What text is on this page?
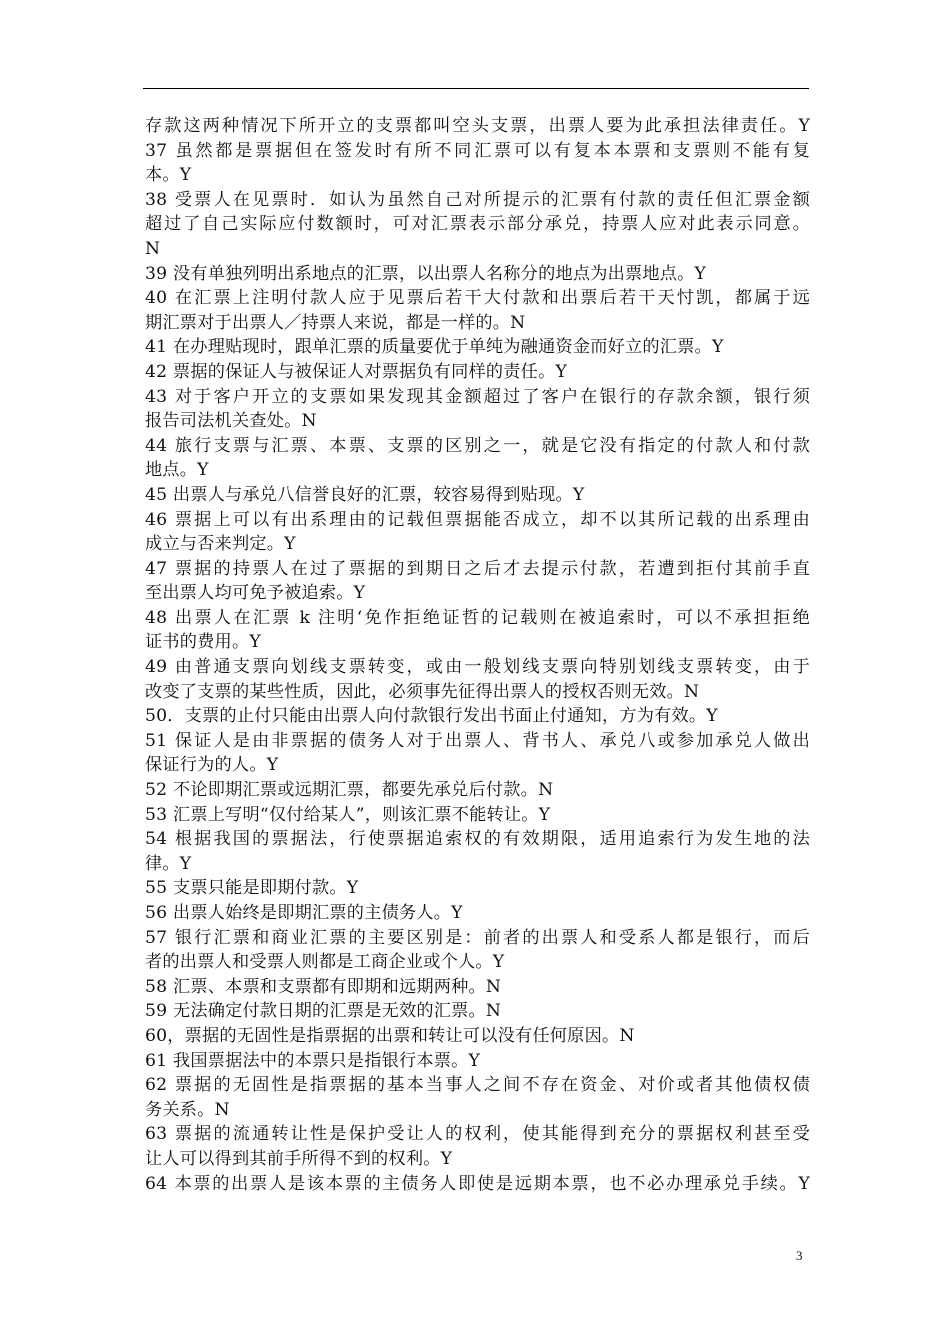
存款这两种情况下所开立的支票都叫空头支票，出票人要为此承担法律责任。Y
37 虽然都是票据但在签发时有所不同汇票可以有复本本票和支票则不能有复
本。Y
38 受票人在见票时．如认为虽然自己对所提示的汇票有付款的责任但汇票金额
超过了自己实际应付数额时，可对汇票表示部分承兑，持票人应对此表示同意。
N
39 没有单独列明出系地点的汇票，以出票人名称分的地点为出票地点。Y
40 在汇票上注明付款人应于见票后若干大付款和出票后若干天忖凯，都属于远
期汇票对于出票人／持票人来说，都是一样的。N
41 在办理贴现时，跟单汇票的质量要优于单纯为融通资金而好立的汇票。Y
42 票据的保证人与被保证人对票据负有同样的责任。Y
43 对于客户开立的支票如果发现其金额超过了客户在银行的存款余额，银行须
报告司法机关查处。N
44 旅行支票与汇票、本票、支票的区别之一，就是它没有指定的付款人和付款
地点。Y
45 出票人与承兑八信誉良好的汇票，较容易得到贴现。Y
46 票据上可以有出系理由的记载但票据能否成立，却不以其所记载的出系理由
成立与否来判定。Y
47 票据的持票人在过了票据的到期日之后才去提示付款，若遭到拒付其前手直
至出票人均可免予被追索。Y
48 出票人在汇票 k 注明‘免作拒绝证哲的记载则在被追索时，可以不承担拒绝
证书的费用。Y
49 由普通支票向划线支票转变，或由一般划线支票向特别划线支票转变，由于
改变了支票的某些性质，因此，必须事先征得出票人的授权否则无效。N
50．支票的止付只能由出票人向付款银行发出书面止付通知，方为有效。Y
51 保证人是由非票据的债务人对于出票人、背书人、承兑八或参加承兑人做出
保证行为的人。Y
52 不论即期汇票或远期汇票，都要先承兑后付款。N
53 汇票上写明“仅付给某人”，则该汇票不能转让。Y
54 根据我国的票据法，行使票据追索权的有效期限，适用追索行为发生地的法
律。Y
55 支票只能是即期付款。Y
56 出票人始终是即期汇票的主债务人。Y
57 银行汇票和商业汇票的主要区别是：前者的出票人和受系人都是银行，而后
者的出票人和受票人则都是工商企业或个人。Y
58 汇票、本票和支票都有即期和远期两种。N
59 无法确定付款日期的汇票是无效的汇票。N
60，票据的无固性是指票据的出票和转让可以没有任何原因。N
61 我国票据法中的本票只是指银行本票。Y
62 票据的无固性是指票据的基本当事人之间不存在资金、对价或者其他债权债
务关系。N
63 票据的流通转让性是保护受让人的权利，使其能得到充分的票据权利甚至受
让人可以得到其前手所得不到的权利。Y
64 本票的出票人是该本票的主债务人即使是远期本票，也不必办理承兑手续。Y
3
